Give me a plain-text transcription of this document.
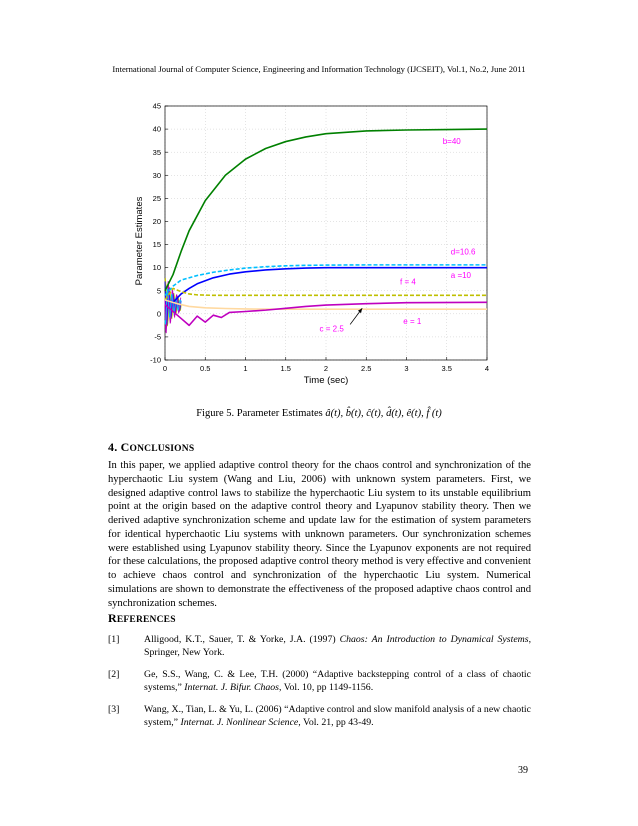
International Journal of Computer Science, Engineering and Information Technology (IJCSEIT), Vol.1, No.2, June 2011
0	0.5	1	1.5	2	2.5	3	3.5	4
-10
-5
0
5
10
15
20
25
30
35
40
45
Time (sec)
Parameter Estimates
b=40
d=10.6
a =10
f = 4
e = 1
c = 2.5
Figure 5. Parameter Estimates â(t), b̂(t), ĉ(t), d̂(t), ê(t), f̂ (t)
4. CONCLUSIONS
In this paper, we applied adaptive control theory for the chaos control and synchronization of the hyperchaotic Liu system (Wang and Liu, 2006) with unknown system parameters. First, we designed adaptive control laws to stabilize the hyperchaotic Liu system to its unstable equilibrium point at the origin based on the adaptive control theory and Lyapunov stability theory. Then we derived adaptive synchronization scheme and update law for the estimation of system parameters for identical hyperchaotic Liu systems with unknown parameters. Our synchronization schemes were established using Lyapunov stability theory. Since the Lyapunov exponents are not required for these calculations, the proposed adaptive control theory method is very effective and convenient to achieve chaos control and synchronization of the hyperchaotic Liu system. Numerical simulations are shown to demonstrate the effectiveness of the proposed adaptive chaos control and synchronization schemes.
REFERENCES
[1]	Alligood, K.T., Sauer, T. & Yorke, J.A. (1997) Chaos: An Introduction to Dynamical Systems, Springer, New York.
[2]	Ge, S.S., Wang, C. & Lee, T.H. (2000) “Adaptive backstepping control of a class of chaotic systems,” Internat. J. Bifur. Chaos, Vol. 10, pp 1149-1156.
[3]	Wang, X., Tian, L. & Yu, L. (2006) “Adaptive control and slow manifold analysis of a new chaotic system,” Internat. J. Nonlinear Science, Vol. 21, pp 43-49.
39
